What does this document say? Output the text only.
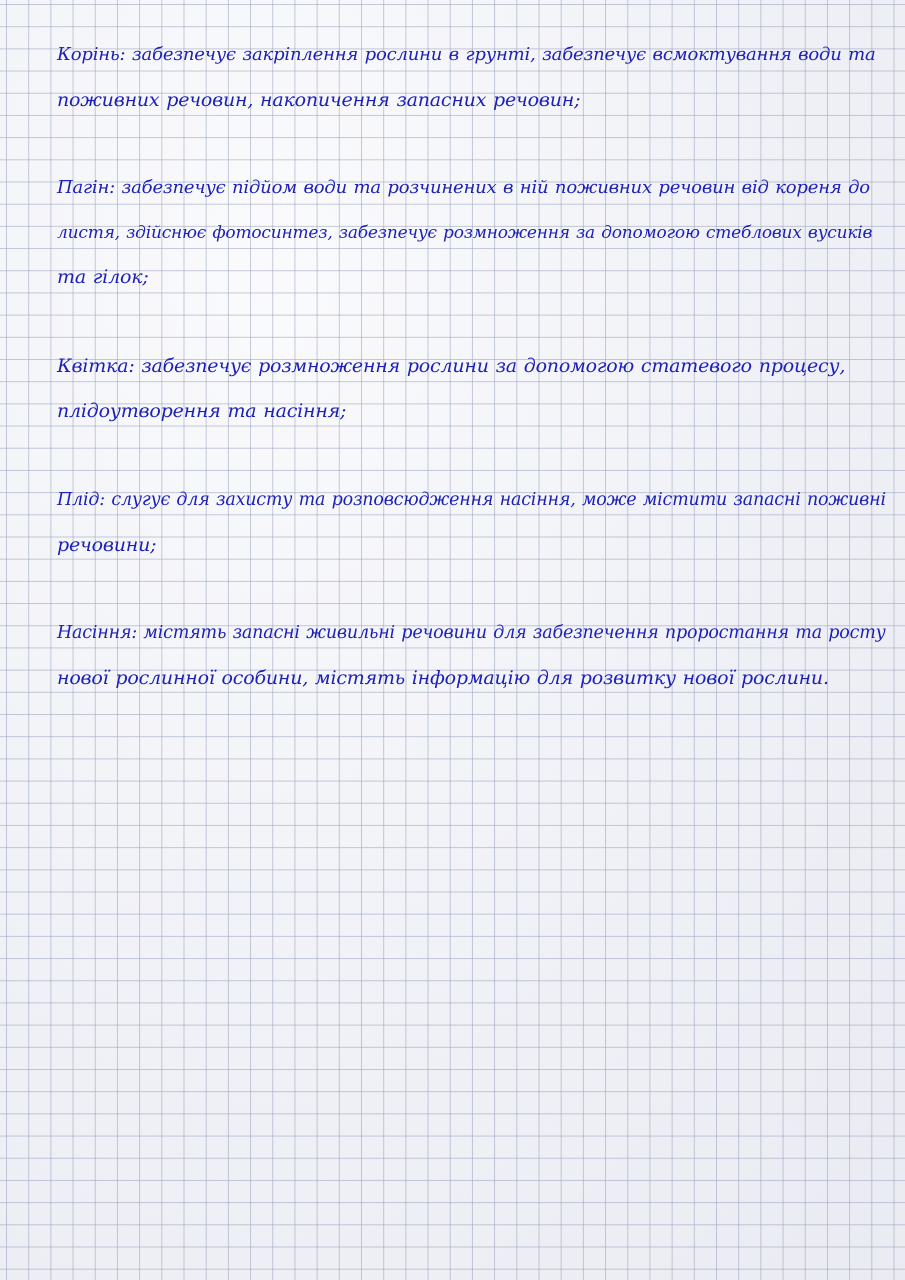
Корінь: забезпечує закріплення рослини в грунті, забезпечує всмоктування води та
поживних речовин, накопичення запасних речовин;

Пагін: забезпечує підйом води та розчинених в ній поживних речовин від кореня до
листя, здійснює фотосинтез, забезпечує розмноження за допомогою стеблових вусиків
та гілок;

Квітка: забезпечує розмноження рослини за допомогою статевого процесу,
плідоутворення та насіння;

Плід: слугує для захисту та розповсюдження насіння, може містити запасні поживні
речовини;

Насіння: містять запасні живильні речовини для забезпечення проростання та росту
нової рослинної особини, містять інформацію для розвитку нової рослини.
